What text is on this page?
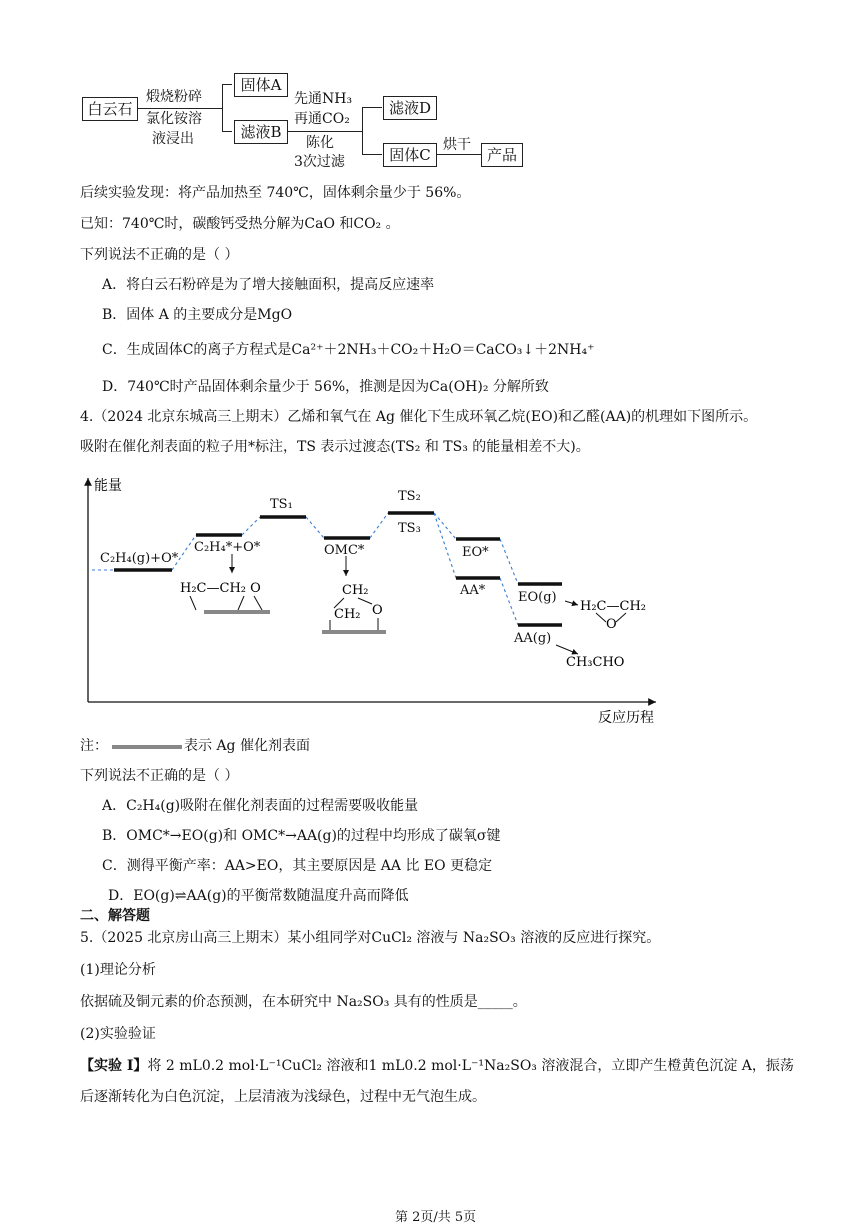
白云石
煅烧粉碎
氯化铵溶
液浸出
固体A
滤液B
先通NH₃
再通CO₂
陈化
3次过滤
滤液D
固体C
烘干
产品
后续实验发现：将产品加热至 740℃，固体剩余量少于 56%。
已知：740℃时，碳酸钙受热分解为CaO 和CO₂ 。
下列说法不正确的是（ ）
A．将白云石粉碎是为了增大接触面积，提高反应速率
B．固体 A 的主要成分是MgO
C．生成固体C的离子方程式是Ca²⁺＋2NH₃＋CO₂＋H₂O＝CaCO₃↓＋2NH₄⁺
D．740℃时产品固体剩余量少于 56%，推测是因为Ca(OH)₂ 分解所致
4.（2024 北京东城高三上期末）乙烯和氧气在 Ag 催化下生成环氧乙烷(EO)和乙醛(AA)的机理如下图所示。
吸附在催化剂表面的粒子用*标注，TS 表示过渡态(TS₂ 和 TS₃ 的能量相差不大)。
能量
反应历程
C₂H₄(g)+O*
C₂H₄*+O*
TS₁
OMC*
TS₂
TS₃
EO*
AA*	EO(g)
AA(g)
H₂C—CH₂ O	CH₂
CH₂ O	H₂C—CH₂
O
CH₃CHO
注：	表示 Ag 催化剂表面
下列说法不正确的是（ ）
A．C₂H₄(g)吸附在催化剂表面的过程需要吸收能量
B．OMC*→EO(g)和 OMC*→AA(g)的过程中均形成了碳氧σ键
C．测得平衡产率：AA>EO，其主要原因是 AA 比 EO 更稳定
D．EO(g)⇌AA(g)的平衡常数随温度升高而降低
二、解答题
5.（2025 北京房山高三上期末）某小组同学对CuCl₂ 溶液与 Na₂SO₃ 溶液的反应进行探究。
(1)理论分析
依据硫及铜元素的价态预测，在本研究中 Na₂SO₃ 具有的性质是_____。
(2)实验验证
【实验 I】将 2 mL0.2 mol·L⁻¹CuCl₂ 溶液和1 mL0.2 mol·L⁻¹Na₂SO₃ 溶液混合，立即产生橙黄色沉淀 A，振荡
后逐渐转化为白色沉淀，上层清液为浅绿色，过程中无气泡生成。
第 2页/共 5页
